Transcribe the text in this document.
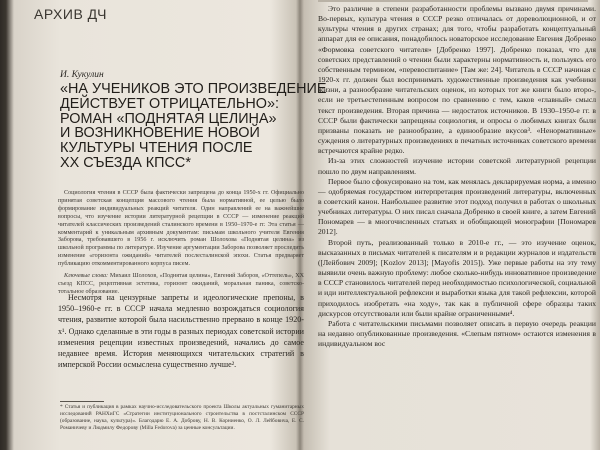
АРХИВ ДЧ
И. Кукулин
«НА УЧЕНИКОВ ЭТО ПРОИЗВЕДЕНИЕ
ДЕЙСТВУЕТ ОТРИЦАТЕЛЬНО»:
РОМАН «ПОДНЯТАЯ ЦЕЛИНА»
И ВОЗНИКНОВЕНИЕ НОВОЙ
КУЛЬТУРЫ ЧТЕНИЯ ПОСЛЕ
XX СЪЕЗДА КПСС*

Социология чтения в СССР была фактически запрещена до конца 1950-х гг. Официально принятая советская концепция массового чтения была нормативной, ее целью было формирование индивидуальных реакций читателя. Один направлений ее на важнейшие вопросы, что изучение истории литературной рецепции в СССР — изменение реакций читателей классических произведений сталинского времени в 1950–1970-е гг. Эта статья — комментарий к уникальным архивным документам: письмам школьного учителя Евгения Заборова, требовавшего в 1956 г. исключить роман Шолохова «Поднятая целина» из школьной программы по литературе. Изучение аргументации Заборова позволяет проследить изменение «горизонта ожиданий» читателей послесталинской эпохи. Статья предваряет публикацию откомментированного корпуса писем.

Ключевые слова: Михаил Шолохов, «Поднятая целина», Евгений Заборов, «Оттепель», XX съезд КПСС, рецептивная эстетика, горизонт ожиданий, моральная паника, советско-тотальное образование.

Несмотря на цензурные запреты и идеологические препоны, в 1950–1960-е гг. в СССР начала медленно возрождаться социология чтения, развитие которой была насильственно прервано в конце 1920-х¹. Однако сделанные в эти годы в разных периодах советской истории изменения рецепции известных произведений, начались до самое недавнее время. История меняющихся читательских стратегий в имперской России осмыслена существенно лучше².

* Статья и публикация в рамках научно-исследовательского проекта Школы актуальных гуманитарных исследований РАНХиГС «Стратегии институционального строительства в постсталинском СССР (образование, наука, культура)». Благодарю Е. А. Доброву, Н. В. Корниенко, О. Л. Лейбовича, Е. С. Романичеву и Людмилу Федорову (Milla Fedorova) за ценные консультации.

Это различие в степени разработанности проблемы вызвано двумя причинами. Во-первых, культура чтения в СССР резко отличалась от дореволюционной, и от культуры чтения в других странах; для того, чтобы разработать концептуальный аппарат для ее описания, понадобилось новаторское исследование Евгения Добренко «Формовка советского читателя» [Добренко 1997]. Добренко показал, что для советских представлений о чтении были характерны нормативность и, пользуясь его собственным термином, «перевоспитание» [Там же: 24]. Читатель в СССР начиная с 1920-х гг. должен был воспринимать художественные произведения как учебники жизни, а разнообразие читательских оценок, из которых тот же книги было второ-, если не третьестепенным вопросом по сравнению с тем, каков «главный» смысл текст произведения. Вторая причина — недостаток источников. В 1930–1950-е гг. в СССР были фактически запрещены социология, и опросы о любимых книгах были призваны показать не разнообразие, а единообразие вкусов³. «Ненормативные» суждения о литературных произведениях в печатных источниках советского времени встречаются крайне редко.

Из-за этих сложностей изучение истории советской литературной рецепции пошло по двум направлениям.

Первое было сфокусировано на том, как менялась декларируемая норма, а именно — одобряемая государством интерпретация произведений литературы, включенных в советский канон. Наибольшее развитие этот подход получил в работах о школьных учебниках литературы. О них писал сначала Добренко в своей книге, а затем Евгений Пономарев — в многочисленных статьях и обобщающей монографии [Пономарев 2012].

Второй путь, реализованный только в 2010-е гг., — это изучение оценок, высказанных в письмах читателей к писателям и в редакции журналов и издательств ([Лейбович 2009]; [Kozlov 2013]; [Mayofis 2015]). Уже первые работы на эту тему выявили очень важную проблему: любое сколько-нибудь инновативное произведение в СССР становилось читателей перед необходимостью психологической, социальной и иди интеллектуальной рефлексии и выработки языка для такой рефлексии, которой приходилось изобретать «на ходу», так как в публичной сфере образцы таких дискурсов отсутствовали или были крайне ограниченными⁴.

Работа с читательскими письмами позволяет описать в первую очередь реакции на недавно опубликованные произведения. «Слепым пятном» остаются изменения в индивидуальном вос
